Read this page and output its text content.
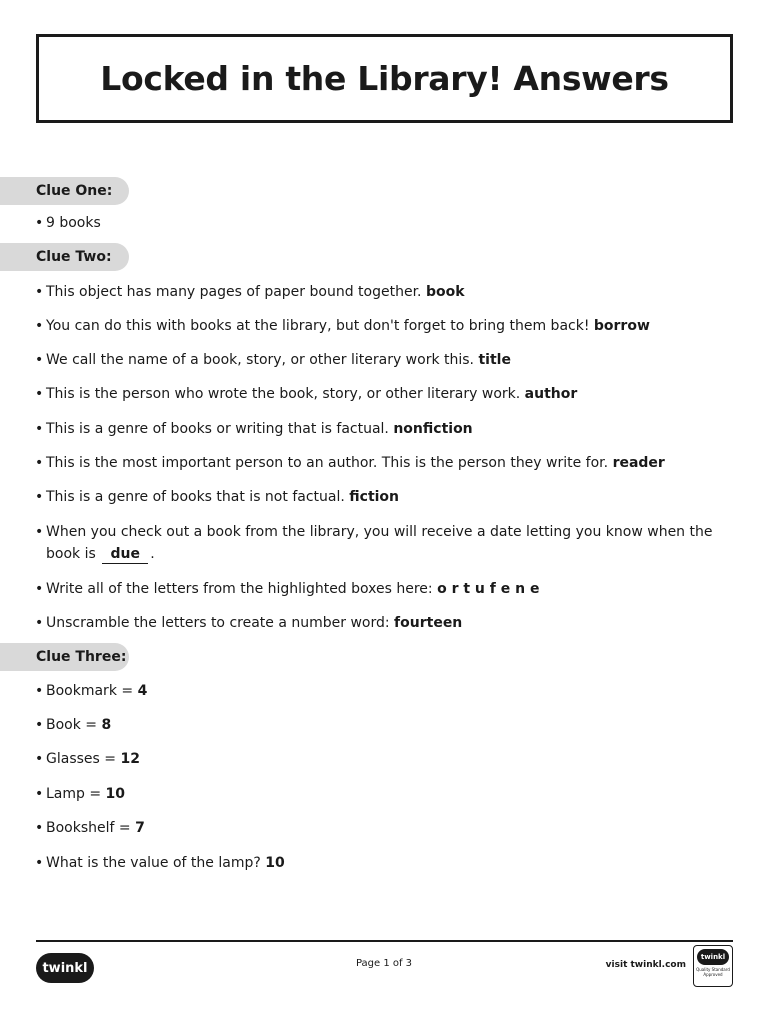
Locked in the Library! Answers
Clue One:
• 9 books
Clue Two:
• This object has many pages of paper bound together. book
• You can do this with books at the library, but don't forget to bring them back! borrow
• We call the name of a book, story, or other literary work this. title
• This is the person who wrote the book, story, or other literary work. author
• This is a genre of books or writing that is factual. nonfiction
• This is the most important person to an author. This is the person they write for. reader
• This is a genre of books that is not factual. fiction
• When you check out a book from the library, you will receive a date letting you know when the book is due .
• Write all of the letters from the highlighted boxes here: o r t u f e n e
• Unscramble the letters to create a number word: fourteen
Clue Three:
• Bookmark = 4
• Book = 8
• Glasses = 12
• Lamp = 10
• Bookshelf = 7
• What is the value of the lamp? 10
twinkl	Page 1 of 3	visit twinkl.com
twinkl
Quality Standard Approved
